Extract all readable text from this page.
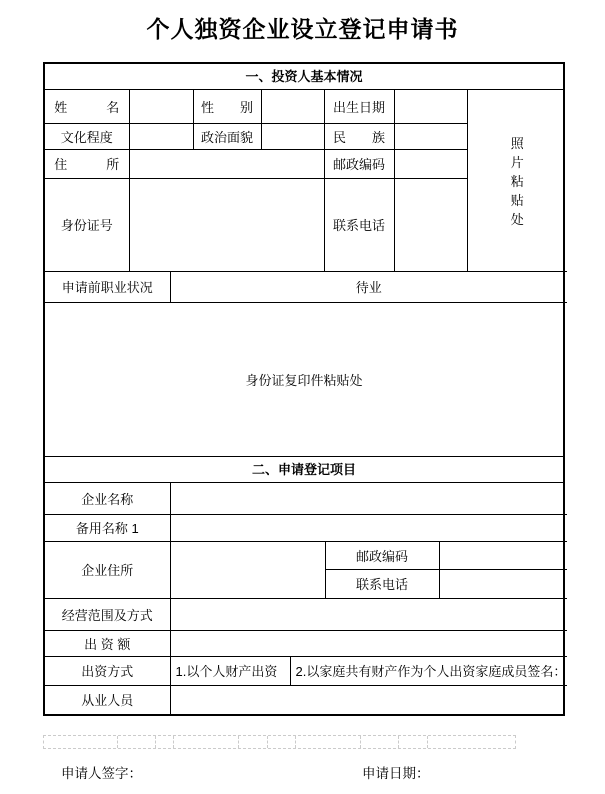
个人独资企业设立登记申请书
一、投资人基本情况
姓　　　名		性　　别		出生日期		照
片
粘
贴
处

文化程度		政治面貌		民　　族		
住　　　所				邮政编码		
身份证号				联系电话		
申请前职业状况	待业
身份证复印件粘贴处
二、申请登记项目
企业名称				
备用名称 1				
企业住所			邮政编码	
			联系电话	
经营范围及方式				
出 资 额				
出资方式	1.以个人财产出资	2.以家庭共有财产作为个人出资家庭成员签名：		
从业人员				
申请人签字：	申请日期：
